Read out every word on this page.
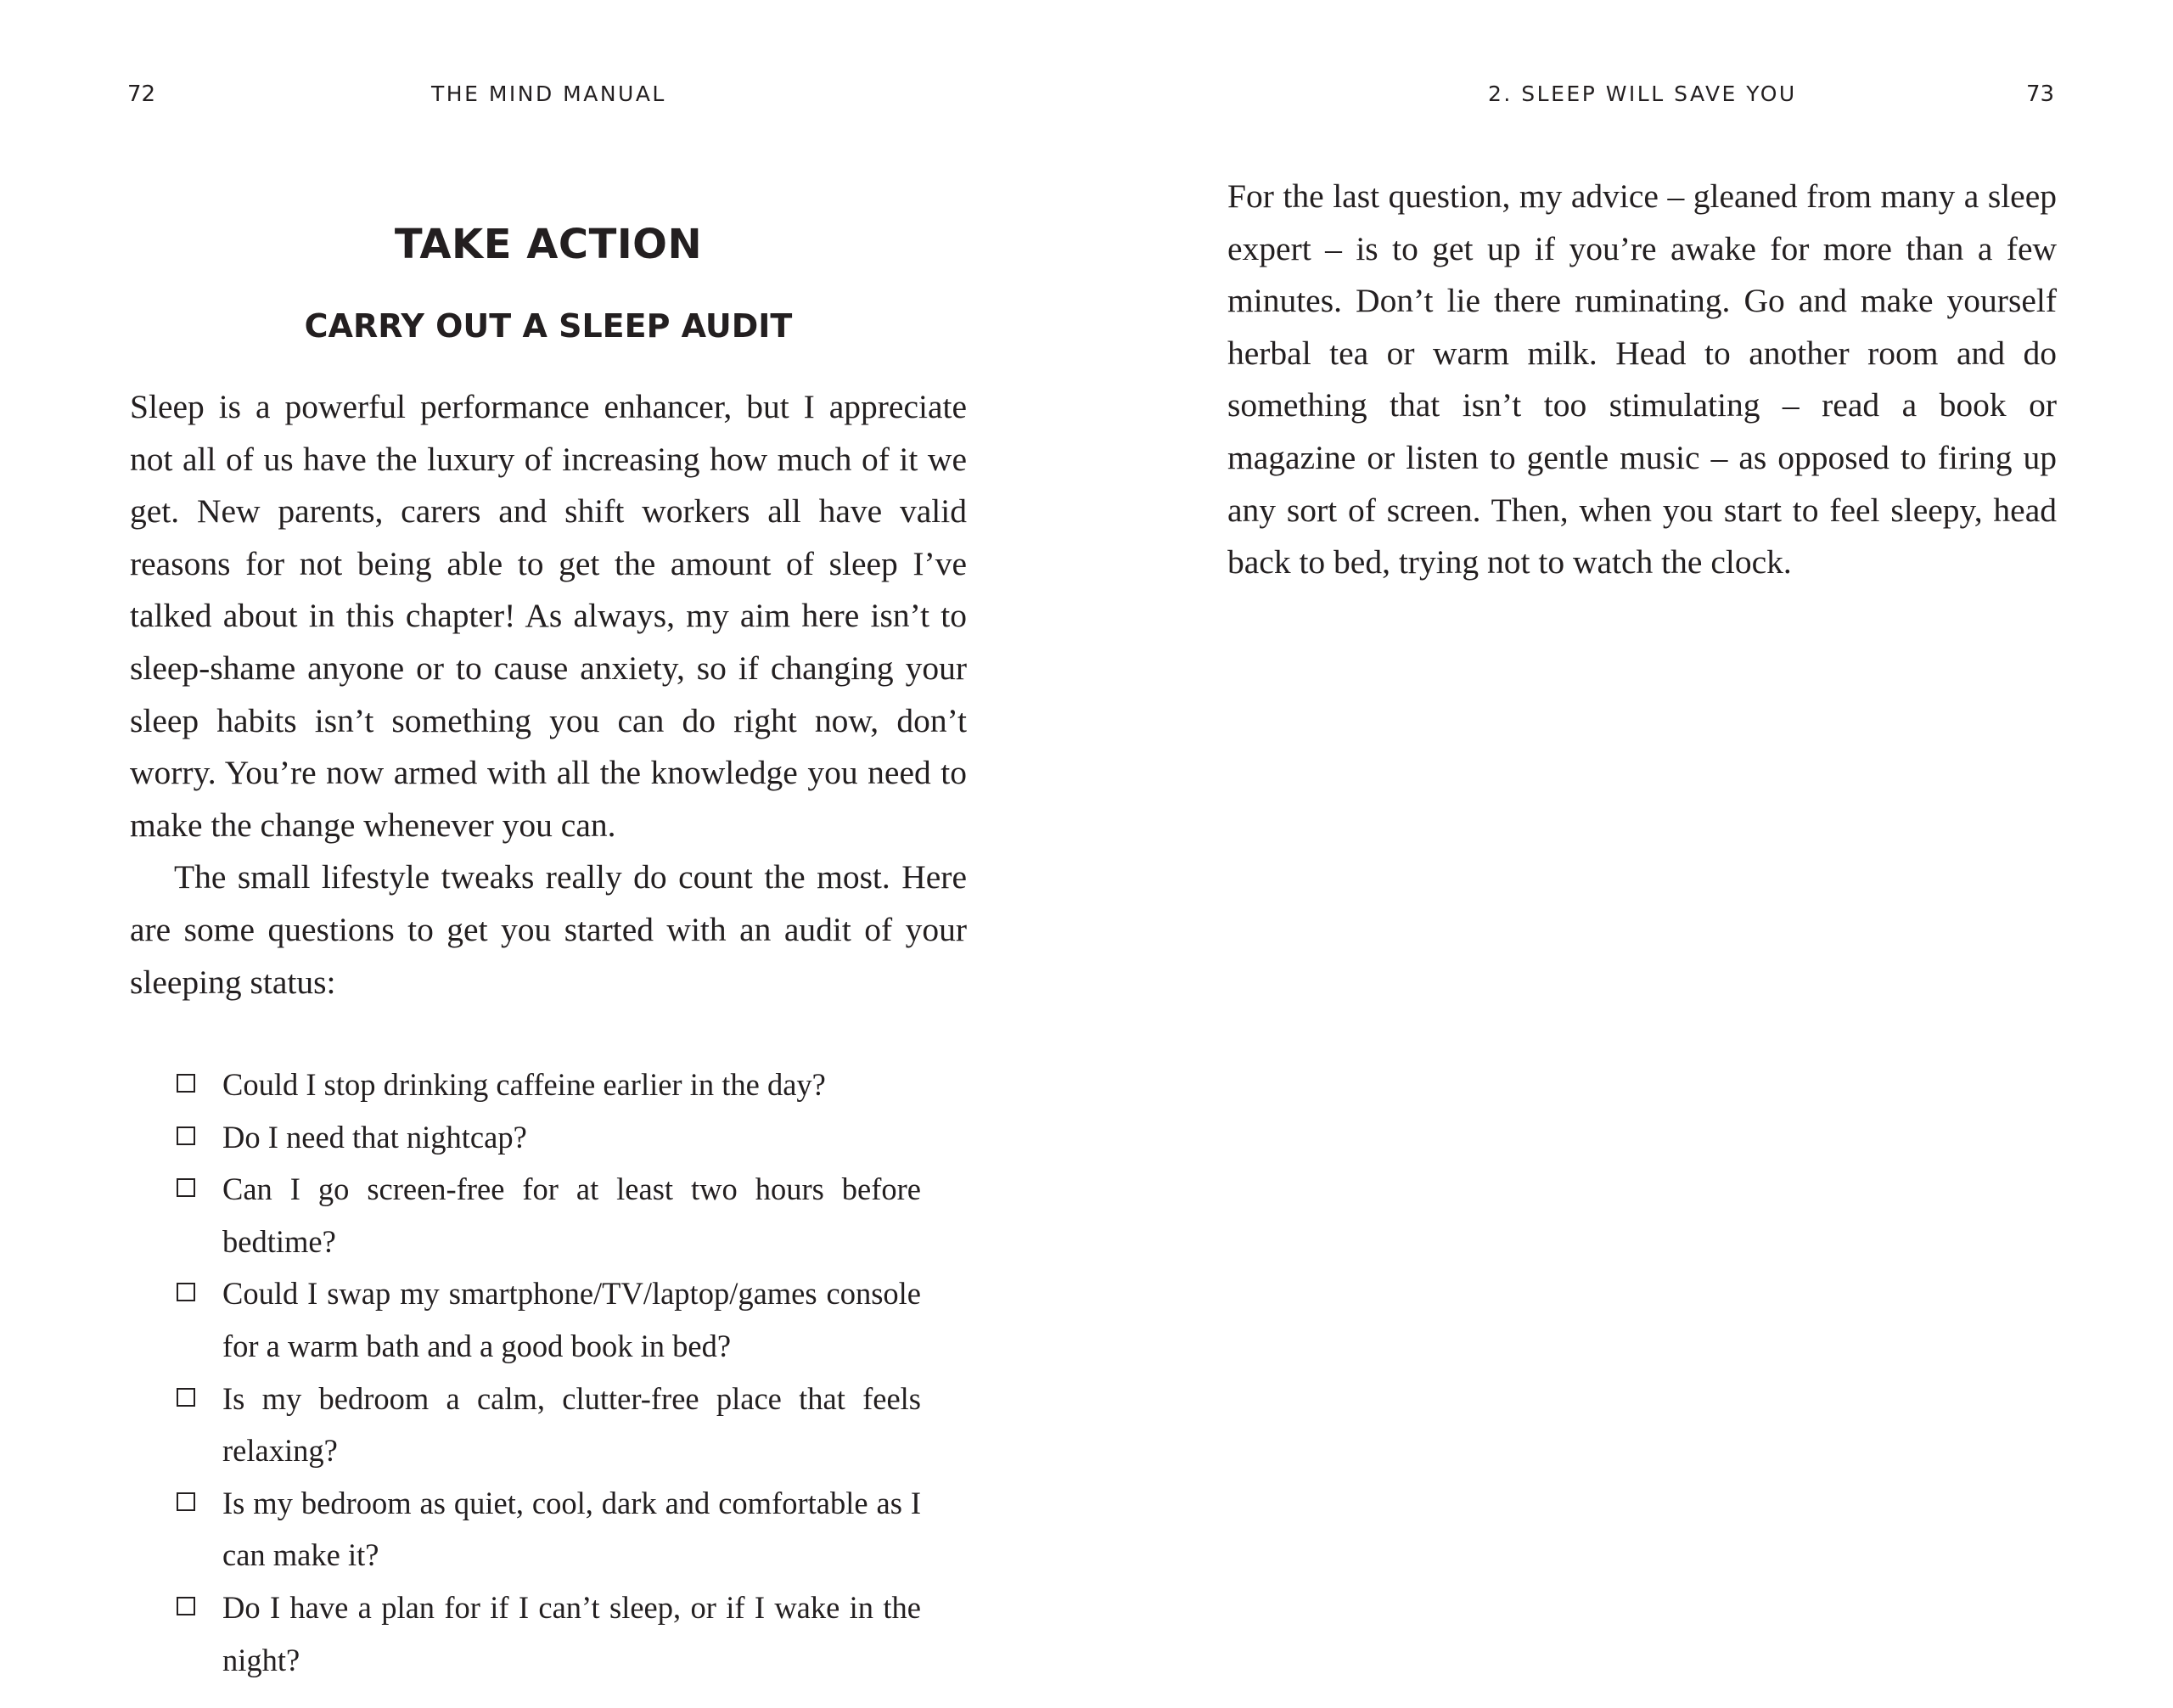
72	THE MIND MANUAL
TAKE ACTION
CARRY OUT A SLEEP AUDIT

Sleep is a powerful performance enhancer, but I appreciate not all of us have the luxury of increasing how much of it we get. New parents, carers and shift workers all have valid reasons for not being able to get the amount of sleep I’ve talked about in this chapter! As always, my aim here isn’t to sleep-shame anyone or to cause anxiety, so if changing your sleep habits isn’t something you can do right now, don’t worry. You’re now armed with all the knowledge you need to make the change whenever you can.

The small lifestyle tweaks really do count the most. Here are some questions to get you started with an audit of your sleeping status:

Could I stop drinking caffeine earlier in the day?
Do I need that nightcap?
Can I go screen-free for at least two hours before bedtime?
Could I swap my smartphone/TV/laptop/games console for a warm bath and a good book in bed?
Is my bedroom a calm, clutter-free place that feels relaxing?
Is my bedroom as quiet, cool, dark and comfortable as I can make it?
Do I have a plan for if I can’t sleep, or if I wake in the night?
2. SLEEP WILL SAVE YOU	73

For the last question, my advice – gleaned from many a sleep expert – is to get up if you’re awake for more than a few minutes. Don’t lie there ruminating. Go and make yourself herbal tea or warm milk. Head to another room and do something that isn’t too stimulating – read a book or magazine or listen to gentle music – as opposed to firing up any sort of screen. Then, when you start to feel sleepy, head back to bed, trying not to watch the clock.
